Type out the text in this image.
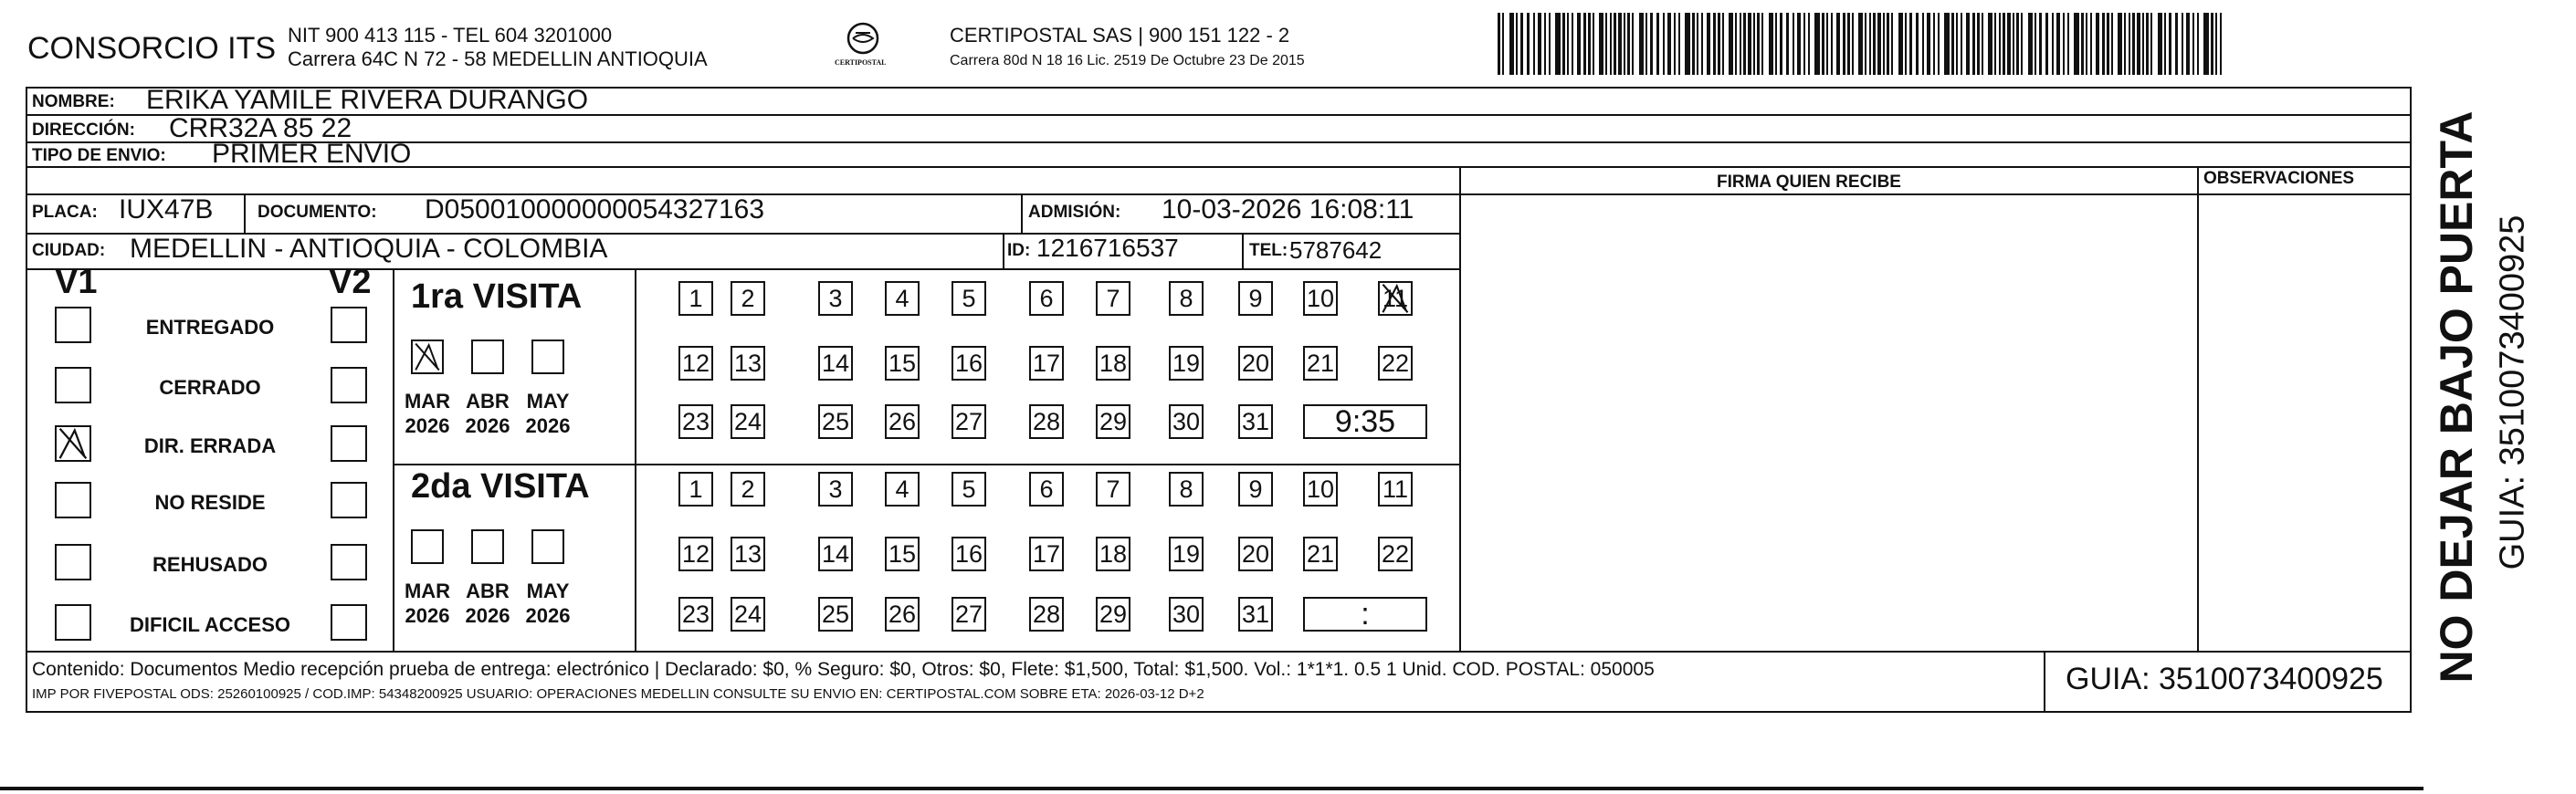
CONSORCIO ITS NIT 900 413 115 - TEL 604 3201000
Carrera 64C N 72 - 58 MEDELLIN ANTIOQUIA	CERTIPOSTAL
CERTIPOSTAL SAS | 900 151 122 - 2
Carrera 80d N 18 16 Lic. 2519 De Octubre 23 De 2015
NOMBRE: ERIKA YAMILE RIVERA DURANGO
DIRECCIÓN: CRR32A 85 22
TIPO DE ENVIO: PRIMER ENVIO
FIRMA QUIEN RECIBE	OBSERVACIONES
PLACA: IUX47B	DOCUMENTO: D050010000000054327163	ADMISIÓN: 10-03-2026 16:08:11
CIUDAD: MEDELLIN - ANTIOQUIA - COLOMBIA	ID: 1216716537	TEL: 5787642
V1	V2
ENTREGADO
CERRADO
DIR. ERRADA
NO RESIDE
REHUSADO
DIFICIL ACCESO
1ra VISITA
2da VISITA
MAR
2026
ABR
2026
MAY
2026
MAR
2026
ABR
2026
MAY
2026
1	2	3	4	5	6	7	8	9	10 11
12 13 14 15 16 17 18 19 20 21 22
23 24 25 26 27 28 29 30 31	9:35
1	2	3	4	5	6	7	8	9	10 11
12 13 14 15 16 17 18 19 20 21 22
23 24 25 26 27 28 29 30 31	:
Contenido: Documentos Medio recepción prueba de entrega: electrónico | Declarado: $0, % Seguro: $0, Otros: $0, Flete: $1,500, Total: $1,500. Vol.: 1*1*1. 0.5 1 Unid. COD. POSTAL: 050005
IMP POR FIVEPOSTAL ODS: 25260100925 / COD.IMP: 54348200925 USUARIO: OPERACIONES MEDELLIN CONSULTE SU ENVIO EN: CERTIPOSTAL.COM SOBRE ETA: 2026-03-12 D+2	GUIA: 3510073400925 NO DEJAR BAJO PUERTA GUIA: 3510073400925
